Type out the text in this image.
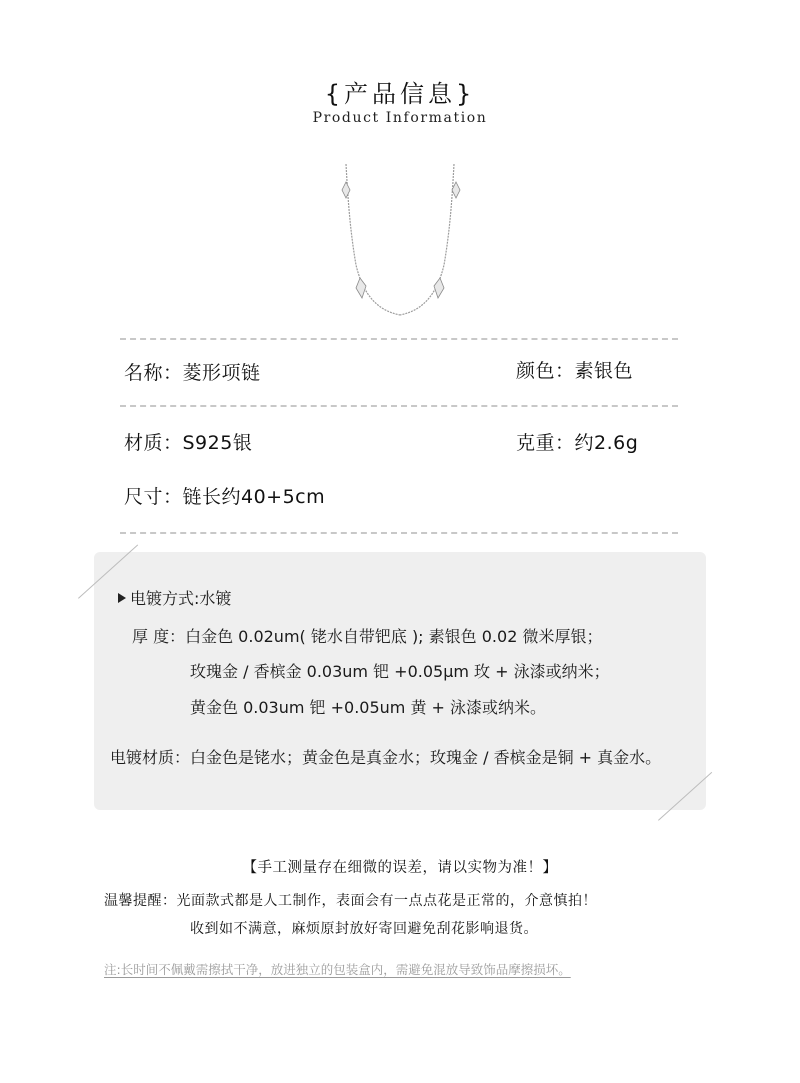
{产品信息}
Product Information
名称：菱形项链	颜色：素银色
材质：S925银	克重：约2.6g
尺寸：链长约40+5cm
电镀方式:水镀
厚 度：白金色 0.02um( 铑水自带钯底 ); 素银色 0.02 微米厚银；
玫瑰金 / 香槟金 0.03um 钯 +0.05μm 玫 + 泳漆或纳米；
黄金色 0.03um 钯 +0.05um 黄 + 泳漆或纳米。
电镀材质：白金色是铑水；黄金色是真金水；玫瑰金 / 香槟金是铜 + 真金水。
【手工测量存在细微的误差，请以实物为准！】
温馨提醒：光面款式都是人工制作，表面会有一点点花是正常的，介意慎拍！
收到如不满意，麻烦原封放好寄回避免刮花影响退货。
注:长时间不佩戴需擦拭干净，放进独立的包装盒内，需避免混放导致饰品摩擦损坏。
